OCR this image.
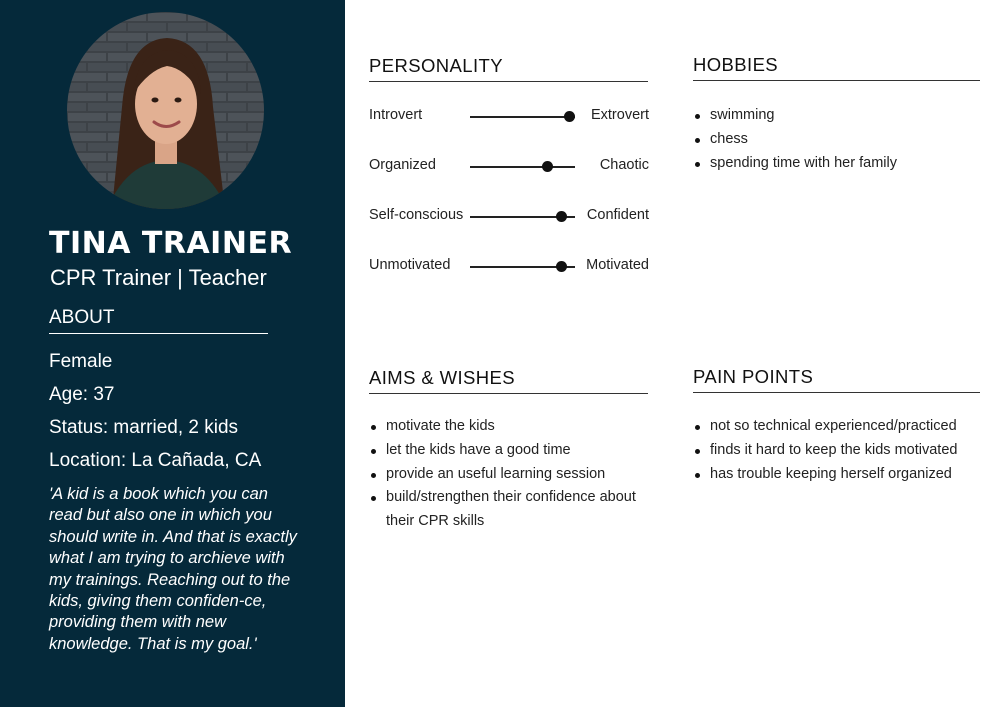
TINA TRAINER
CPR Trainer | Teacher
ABOUT
Female
Age: 37
Status: married, 2 kids
Location: La Cañada, CA

'A kid is a book which you can read but also one in which you should write in. And that is exactly what I am trying to archieve with my trainings. Reaching out to the kids, giving them confiden-ce, providing them with new knowledge. That is my goal.'

PERSONALITY
Introvert	Extrovert
Organized	Chaotic
Self-conscious	Confident
Unmotivated	Motivated
HOBBIES
swimming
chess
spending time with her family
AIMS & WISHES
motivate the kids
let the kids have a good time
provide an useful learning session
build/strengthen their confidence about their CPR skills
PAIN POINTS
not so technical experienced/practiced
finds it hard to keep the kids motivated
has trouble keeping herself organized
